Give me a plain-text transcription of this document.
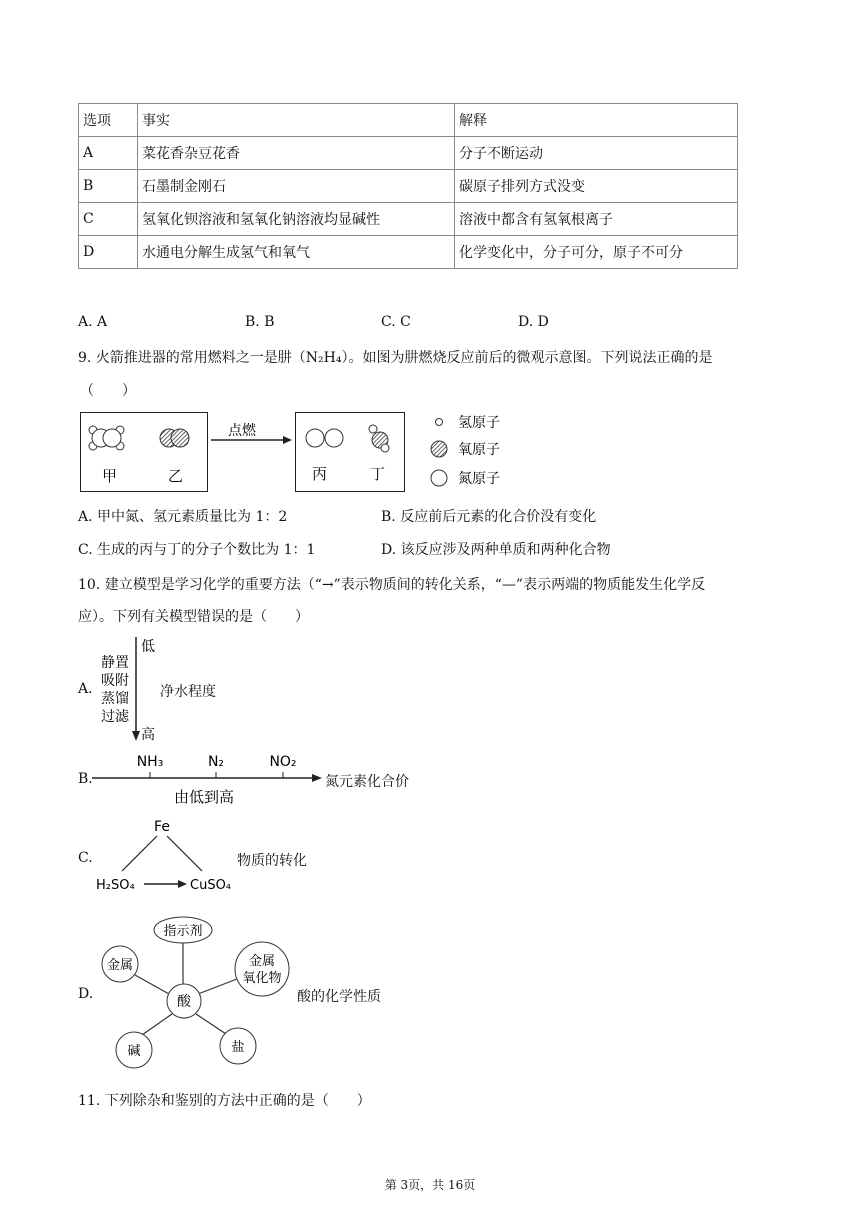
选项	事实	解释
A	菜花香杂豆花香	分子不断运动
B	石墨制金刚石	碳原子排列方式没变
C	氢氧化钡溶液和氢氧化钠溶液均显碱性	溶液中都含有氢氧根离子
D	水通电分解生成氢气和氧气	化学变化中，分子可分，原子不可分
A. A	B. B	C. C	D. D
9. 火箭推进器的常用燃料之一是肼（N₂H₄）。如图为肼燃烧反应前后的微观示意图。下列说法正确的是
（　　）
甲	乙
点燃
丙	丁
氢原子
氧原子
氮原子
A. 甲中氮、氢元素质量比为 1：2	B. 反应前后元素的化合价没有变化
C. 生成的丙与丁的分子个数比为 1：1	D. 该反应涉及两种单质和两种化合物
10. 建立模型是学习化学的重要方法（“→”表示物质间的转化关系，“—”表示两端的物质能发生化学反
应）。下列有关模型错误的是（　　）
A.
低
高
静置
吸附
蒸馏
过滤
净水程度
B.
NH₃	N₂	NO₂
由低到高
氮元素化合价
C.
Fe
H₂SO₄	CuSO₄
物质的转化
D.
指示剂
金属	金属
氧化物
酸
碱	盐
酸的化学性质
11. 下列除杂和鉴别的方法中正确的是（　　）
第 3页，共 16页
